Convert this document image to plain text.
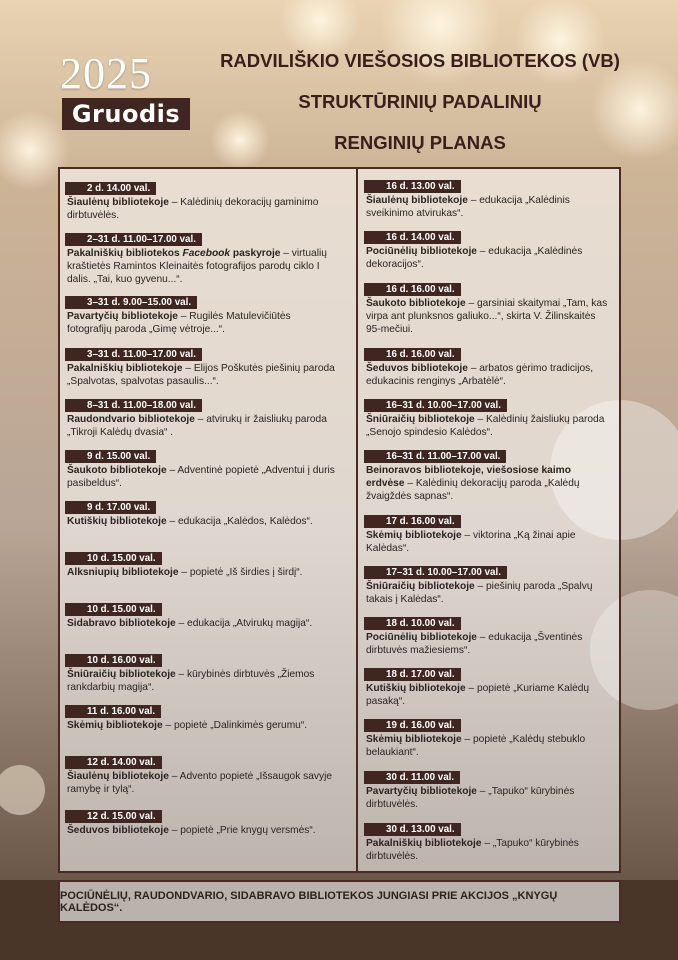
2025
Gruodis
RADVILIŠKIO VIEŠOSIOS BIBLIOTEKOS (VB)
STRUKTŪRINIŲ PADALINIŲ
RENGINIŲ PLANAS
2 d. 14.00 val.
Šiaulėnų bibliotekoje – Kalėdinių dekoracijų gaminimo dirbtuvėlės.
2–31 d. 11.00–17.00 val.
Pakalniškių bibliotekos Facebook paskyroje – virtualių kraštietės Ramintos Kleinaitės fotografijos parodų ciklo I dalis. „Tai, kuo gyvenu...“.
3–31 d. 9.00–15.00 val.
Pavartyčių bibliotekoje – Rugilės Matulevičiūtės fotografijų paroda „Gimę vėtroje...“.
3–31 d. 11.00–17.00 val.
Pakalniškių bibliotekoje – Elijos Poškutės piešinių paroda „Spalvotas, spalvotas pasaulis...“.
8–31 d. 11.00–18.00 val.
Raudondvario bibliotekoje – atvirukų ir žaisliukų paroda „Tikroji Kalėdų dvasia“ .
9 d. 15.00 val.
Šaukoto bibliotekoje – Adventinė popietė „Adventui į duris pasibeldus“.
9 d. 17.00 val.
Kutiškių bibliotekoje – edukacija „Kalėdos, Kalėdos“.
10 d. 15.00 val.
Alksniupių bibliotekoje – popietė „Iš širdies į širdį“.
10 d. 15.00 val.
Sidabravo bibliotekoje – edukacija „Atvirukų magija“.
10 d. 16.00 val.
Šniūraičių bibliotekoje – kūrybinės dirbtuvės „Žiemos rankdarbių magija“.
11 d. 16.00 val.
Skėmių bibliotekoje – popietė „Dalinkimės gerumu“.
12 d. 14.00 val.
Šiaulėnų bibliotekoje – Advento popietė „Išsaugok savyje ramybę ir tylą“.
12 d. 15.00 val.
Šeduvos bibliotekoje – popietė „Prie knygų versmės“.
16 d. 13.00 val.
Šiaulėnų bibliotekoje – edukacija „Kalėdinis sveikinimo atvirukas“.
16 d. 14.00 val.
Pociūnėlių bibliotekoje – edukacija „Kalėdinės dekoracijos“.
16 d. 16.00 val.
Šaukoto bibliotekoje – garsiniai skaitymai „Tam, kas virpa ant plunksnos galiuko...“, skirta V. Žilinskaitės 95-mečiui.
16 d. 16.00 val.
Šeduvos bibliotekoje – arbatos gėrimo tradicijos, edukacinis renginys „Arbatėlė“.
16–31 d. 10.00–17.00 val.
Šniūraičių bibliotekoje – Kalėdinių žaisliukų paroda „Senojo spindesio Kalėdos“.
16–31 d. 11.00–17.00 val.
Beinoravos bibliotekoje, viešosiose kaimo erdvėse – Kalėdinių dekoracijų paroda „Kalėdų žvaigždės sapnas“.
17 d. 16.00 val.
Skėmių bibliotekoje – viktorina „Ką žinai apie Kalėdas“.
17–31 d. 10.00–17.00 val.
Šniūraičių bibliotekoje – piešinių paroda „Spalvų takais į Kalėdas“.
18 d. 10.00 val.
Pociūnėlių bibliotekoje – edukacija „Šventinės dirbtuvės mažiesiems“.
18 d. 17.00 val.
Kutiškių bibliotekoje – popietė „Kuriame Kalėdų pasaką“.
19 d. 16.00 val.
Skėmių bibliotekoje – popietė „Kalėdų stebuklo belaukiant“.
30 d. 11.00 val.
Pavartyčių bibliotekoje – „Tapuko“ kūrybinės dirbtuvėlės.
30 d. 13.00 val.
Pakalniškių bibliotekoje – „Tapuko“ kūrybinės dirbtuvėlės.
POCIŪNĖLIŲ, RAUDONDVARIO, SIDABRAVO BIBLIOTEKOS JUNGIASI PRIE AKCIJOS „KNYGŲ KALĖDOS“.
